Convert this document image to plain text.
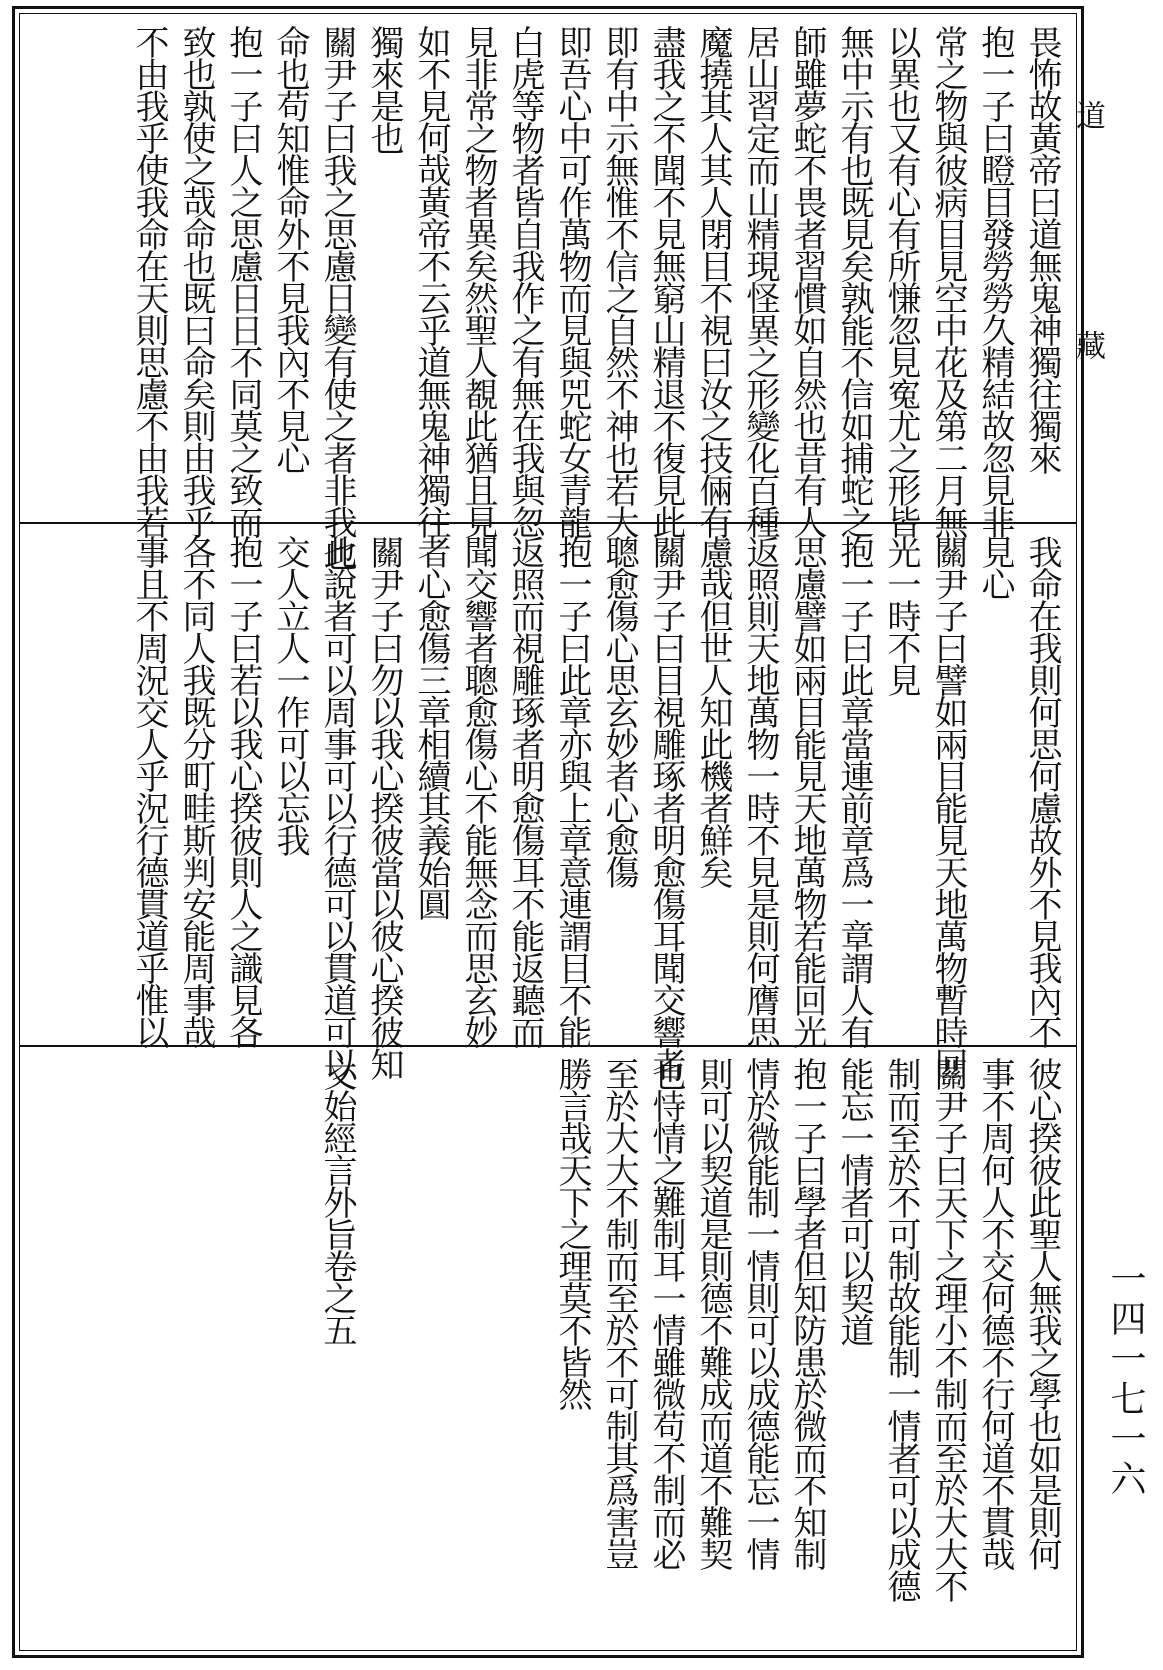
畏怖故黃帝曰道無鬼神獨往獨來
抱一子曰瞪目發勞勞久精結故忽見非
常之物與彼病目見空中花及第二月無
以異也又有心有所慊忽見寃尤之形皆
無中示有也既見矣孰能不信如捕蛇之
師雖夢蛇不畏者習慣如自然也昔有人
居山習定而山精現怪異之形變化百種
魔撓其人其人閉目不視曰汝之技倆有
盡我之不聞不見無窮山精退不復見此
即有中示無惟不信之自然不神也若大
即吾心中可作萬物而見與兕蛇女青龍
白虎等物者皆自我作之有無在我與忽
見非常之物者異矣然聖人覩此猶且見
如不見何哉黃帝不云乎道無鬼神獨往
獨來是也
關尹子曰我之思慮日變有使之者非我也
命也苟知惟命外不見我內不見心
抱一子曰人之思慮日日不同莫之致而
致也孰使之哉命也既曰命矣則由我乎
不由我乎使我命在天則思慮不由我若
我命在我則何思何慮故外不見我內不
見心
關尹子曰譬如兩目能見天地萬物暫時回
光一時不見
抱一子曰此章當連前章爲一章謂人有
思慮譬如兩目能見天地萬物若能回光
返照則天地萬物一時不見是則何膺思
慮哉但世人知此機者鮮矣
關尹子曰目視雕琢者明愈傷耳聞交響者
聰愈傷心思玄妙者心愈傷
抱一子曰此章亦與上章意連謂目不能
返照而視雕琢者明愈傷耳不能返聽而
聞交響者聰愈傷心不能無念而思玄妙
者心愈傷三章相續其義始圓
關尹子曰勿以我心揆彼當以彼心揆彼知
此說者可以周事可以行德可以貫道可以
交人立人一作可以忘我
抱一子曰若以我心揆彼則人之識見各
各不同人我既分町畦斯判安能周事哉
事且不周況交人乎況行德貫道乎惟以
彼心揆彼此聖人無我之學也如是則何
事不周何人不交何德不行何道不貫哉
關尹子曰天下之理小不制而至於大大不
制而至於不可制故能制一情者可以成德
能忘一情者可以契道
抱一子曰學者但知防患於微而不知制
情於微能制一情則可以成德能忘一情
則可以契道是則德不難成而道不難契
也恃情之難制耳一情雖微苟不制而必
至於大大不制而至於不可制其爲害豈
勝言哉天下之理莫不皆然
文始經言外旨卷之五
道
藏
一四一七一六
